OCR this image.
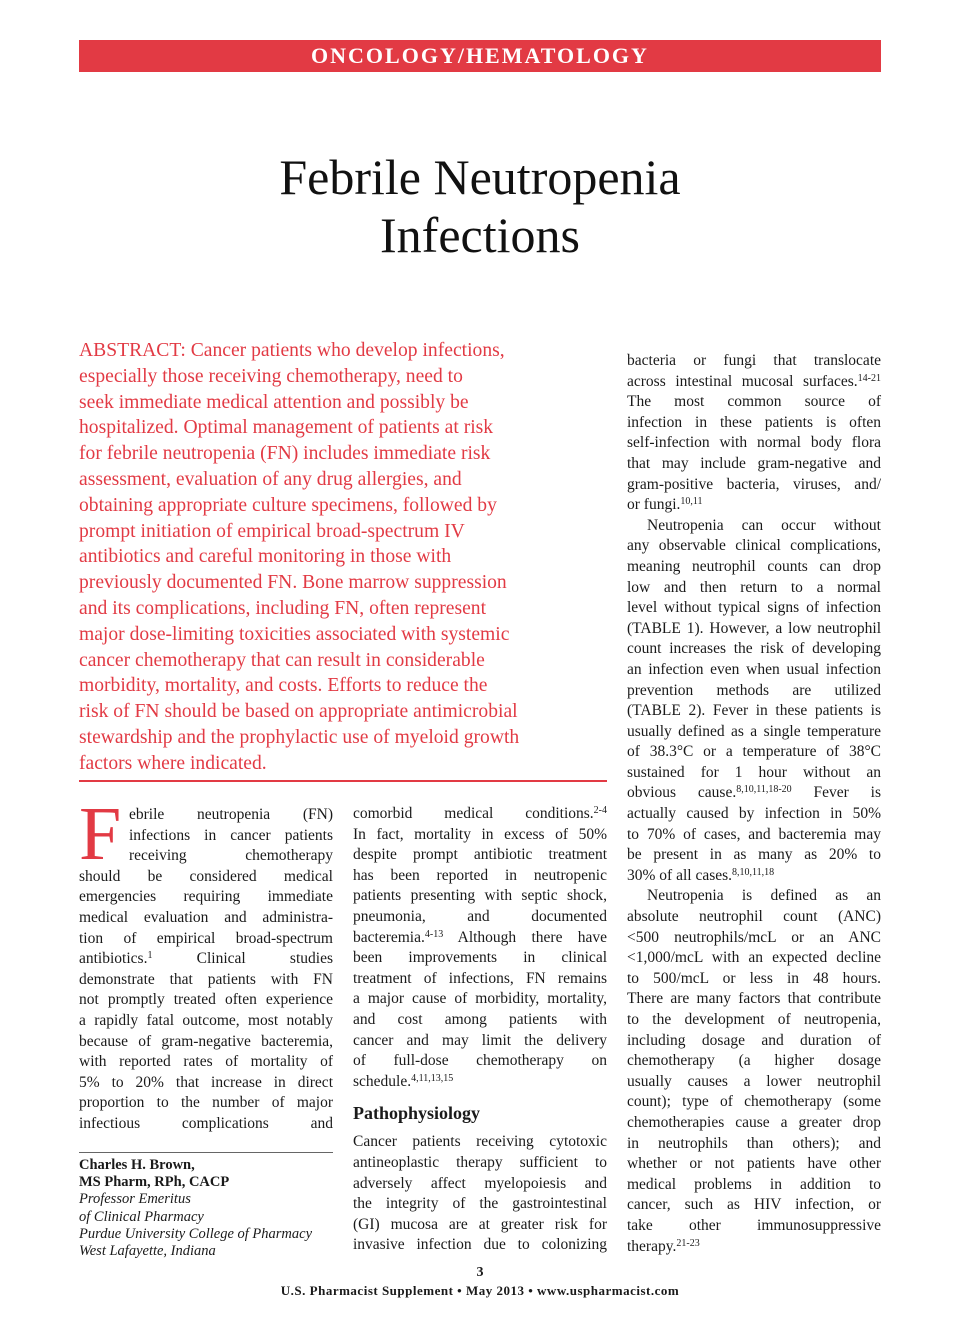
ONCOLOGY/HEMATOLOGY
Febrile Neutropenia
Infections
ABSTRACT: Cancer patients who develop infections,
especially those receiving chemotherapy, need to
seek immediate medical attention and possibly be
hospitalized. Optimal management of patients at risk
for febrile neutropenia (FN) includes immediate risk
assessment, evaluation of any drug allergies, and
obtaining appropriate culture specimens, followed by
prompt initiation of empirical broad-spectrum IV
antibiotics and careful monitoring in those with
previously documented FN. Bone marrow suppression
and its complications, including FN, often represent
major dose-limiting toxicities associated with systemic
cancer chemotherapy that can result in considerable
morbidity, mortality, and costs. Efforts to reduce the
risk of FN should be based on appropriate antimicrobial
stewardship and the prophylactic use of myeloid growth
factors where indicated.
F ebrile neutropenia (FN)
infections in cancer patients
receiving chemotherapy
should be considered medical
emergencies requiring immediate
medical evaluation and administra-
tion of empirical broad-spectrum
antibiotics.$^1$ Clinical studies
demonstrate that patients with FN
not promptly treated often experience
a rapidly fatal outcome, most notably
because of gram-negative bacteremia,
with reported rates of mortality of
5% to 20% that increase in direct
proportion to the number of major
infectious complications and
Charles H. Brown,
MS Pharm, RPh, CACP
Professor Emeritus
of Clinical Pharmacy
Purdue University College of Pharmacy
West Lafayette, Indiana
comorbid medical conditions.$^{2-4}$
In fact, mortality in excess of 50%
despite prompt antibiotic treatment
has been reported in neutropenic
patients presenting with septic shock,
pneumonia, and documented
bacteremia.$^{4-13}$ Although there have
been improvements in clinical
treatment of infections, FN remains
a major cause of morbidity, mortality,
and cost among patients with
cancer and may limit the delivery
of full-dose chemotherapy on
schedule.$^{4,11,13,15}$
Pathophysiology
Cancer patients receiving cytotoxic
antineoplastic therapy sufficient to
adversely affect myelopoiesis and
the integrity of the gastrointestinal
(GI) mucosa are at greater risk for
invasive infection due to colonizing
bacteria or fungi that translocate
across intestinal mucosal surfaces.$^{14-21}$
The most common source of
infection in these patients is often
self-infection with normal body flora
that may include gram-negative and
gram-positive bacteria, viruses, and/
or fungi.$^{10,11}$
Neutropenia can occur without
any observable clinical complications,
meaning neutrophil counts can drop
low and then return to a normal
level without typical signs of infection
(TABLE 1). However, a low neutrophil
count increases the risk of developing
an infection even when usual infection
prevention methods are utilized
(TABLE 2). Fever in these patients is
usually defined as a single temperature
of 38.3°C or a temperature of 38°C
sustained for 1 hour without an
obvious cause.$^{8,10,11,18-20}$ Fever is
actually caused by infection in 50%
to 70% of cases, and bacteremia may
be present in as many as 20% to
30% of all cases.$^{8,10,11,18}$
Neutropenia is defined as an
absolute neutrophil count (ANC)
<500 neutrophils/mcL or an ANC
<1,000/mcL with an expected decline
to 500/mcL or less in 48 hours.
There are many factors that contribute
to the development of neutropenia,
including dosage and duration of
chemotherapy (a higher dosage
usually causes a lower neutrophil
count); type of chemotherapy (some
chemotherapies cause a greater drop
in neutrophils than others); and
whether or not patients have other
medical problems in addition to
cancer, such as HIV infection, or
take other immunosuppressive
therapy.$^{21-23}$
3
U.S. Pharmacist Supplement • May 2013 • www.uspharmacist.com
